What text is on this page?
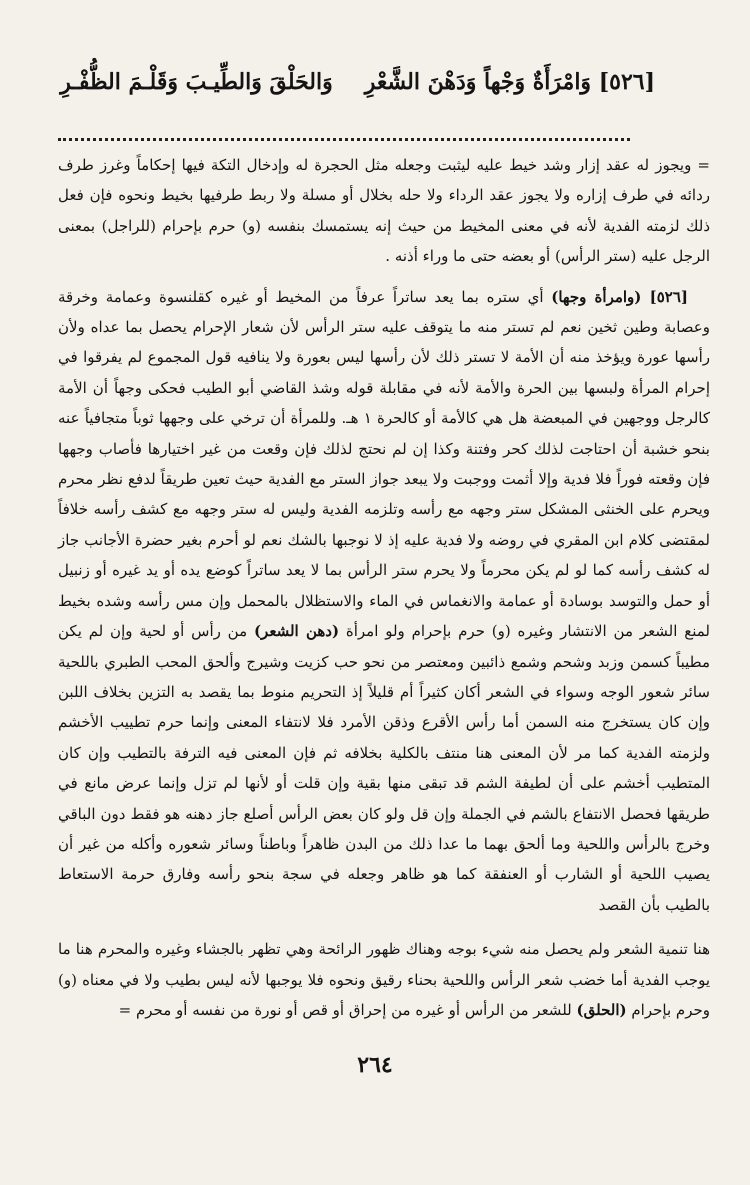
[٥٢٦] وَامْرَأَةٌ وَجْهاً وَدَهْنَ الشَّعْرِوَالحَلْقَ وَالطِّيـبَ وَقَلْـمَ الظُّفْـرِ

= ويجوز له عقد إزار وشد خيط عليه ليثبت وجعله مثل الحجرة له وإدخال التكة فيها إحكاماً وغرز طرف ردائه في طرف إزاره ولا يجوز عقد الرداء ولا حله بخلال أو مسلة ولا ربط طرفيها بخيط ونحوه فإن فعل ذلك لزمته الفدية لأنه في معنى المخيط من حيث إنه يستمسك بنفسه (و) حرم بإحرام (للراجل) بمعنى الرجل عليه (ستر الرأس) أو بعضه حتى ما وراء أذنه .

[٥٢٦] (وامرأة وجها) أي ستره بما يعد ساتراً عرفاً من المخيط أو غيره كقلنسوة وعمامة وخرقة وعصابة وطين ثخين نعم لم تستر منه ما يتوقف عليه ستر الرأس لأن شعار الإحرام يحصل بما عداه ولأن رأسها عورة ويؤخذ منه أن الأمة لا تستر ذلك لأن رأسها ليس بعورة ولا ينافيه قول المجموع لم يفرقوا في إحرام المرأة ولبسها بين الحرة والأمة لأنه في مقابلة قوله وشذ القاضي أبو الطيب فحكى وجهاً أن الأمة كالرجل ووجهين في المبعضة هل هي كالأمة أو كالحرة ١ هـ. وللمرأة أن ترخي على وجهها ثوباً متجافياً عنه بنحو خشبة أن احتاجت لذلك كحر وفتنة وكذا إن لم نحتج لذلك فإن وقعت من غير اختيارها فأصاب وجهها فإن وقعته فوراً فلا فدية وإلا أثمت ووجبت ولا يبعد جواز الستر مع الفدية حيث تعين طريقاً لدفع نظر محرم ويحرم على الخنثى المشكل ستر وجهه مع رأسه وتلزمه الفدية وليس له ستر وجهه مع كشف رأسه خلافاً لمقتضى كلام ابن المقري في روضه ولا فدية عليه إذ لا نوجبها بالشك نعم لو أحرم بغير حضرة الأجانب جاز له كشف رأسه كما لو لم يكن محرماً ولا يحرم ستر الرأس بما لا يعد ساتراً كوضع يده أو يد غيره أو زنبيل أو حمل والتوسد بوسادة أو عمامة والانغماس في الماء والاستظلال بالمحمل وإن مس رأسه وشده بخيط لمنع الشعر من الانتشار وغيره (و) حرم بإحرام ولو امرأة (دهن الشعر) من رأس أو لحية وإن لم يكن مطيباً كسمن وزبد وشحم وشمع ذائبين ومعتصر من نحو حب كزيت وشيرج وألحق المحب الطبري باللحية سائر شعور الوجه وسواء في الشعر أكان كثيراً أم قليلاً إذ التحريم منوط بما يقصد به التزين بخلاف اللبن وإن كان يستخرج منه السمن أما رأس الأقرع وذقن الأمرد فلا لانتفاء المعنى وإنما حرم تطييب الأخشم ولزمته الفدية كما مر لأن المعنى هنا منتف بالكلية بخلافه ثم فإن المعنى فيه الترفة بالتطيب وإن كان المتطيب أخشم على أن لطيفة الشم قد تبقى منها بقية وإن قلت أو لأنها لم تزل وإنما عرض مانع في طريقها فحصل الانتفاع بالشم في الجملة وإن قل ولو كان بعض الرأس أصلع جاز دهنه هو فقط دون الباقي وخرج بالرأس واللحية وما ألحق بهما ما عدا ذلك من البدن ظاهراً وباطناً وسائر شعوره وأكله من غير أن يصيب اللحية أو الشارب أو العنفقة كما هو ظاهر وجعله في سجة بنحو رأسه وفارق حرمة الاستعاط بالطيب بأن القصد

هنا تنمية الشعر ولم يحصل منه شيء بوجه وهناك ظهور الرائحة وهي تظهر بالجشاء وغيره والمحرم هنا ما يوجب الفدية أما خضب شعر الرأس واللحية بحناء رقيق ونحوه فلا يوجبها لأنه ليس بطيب ولا في معناه (و) وحرم بإحرام (الحلق) للشعر من الرأس أو غيره من إحراق أو قص أو نورة من نفسه أو محرم =

٢٦٤
